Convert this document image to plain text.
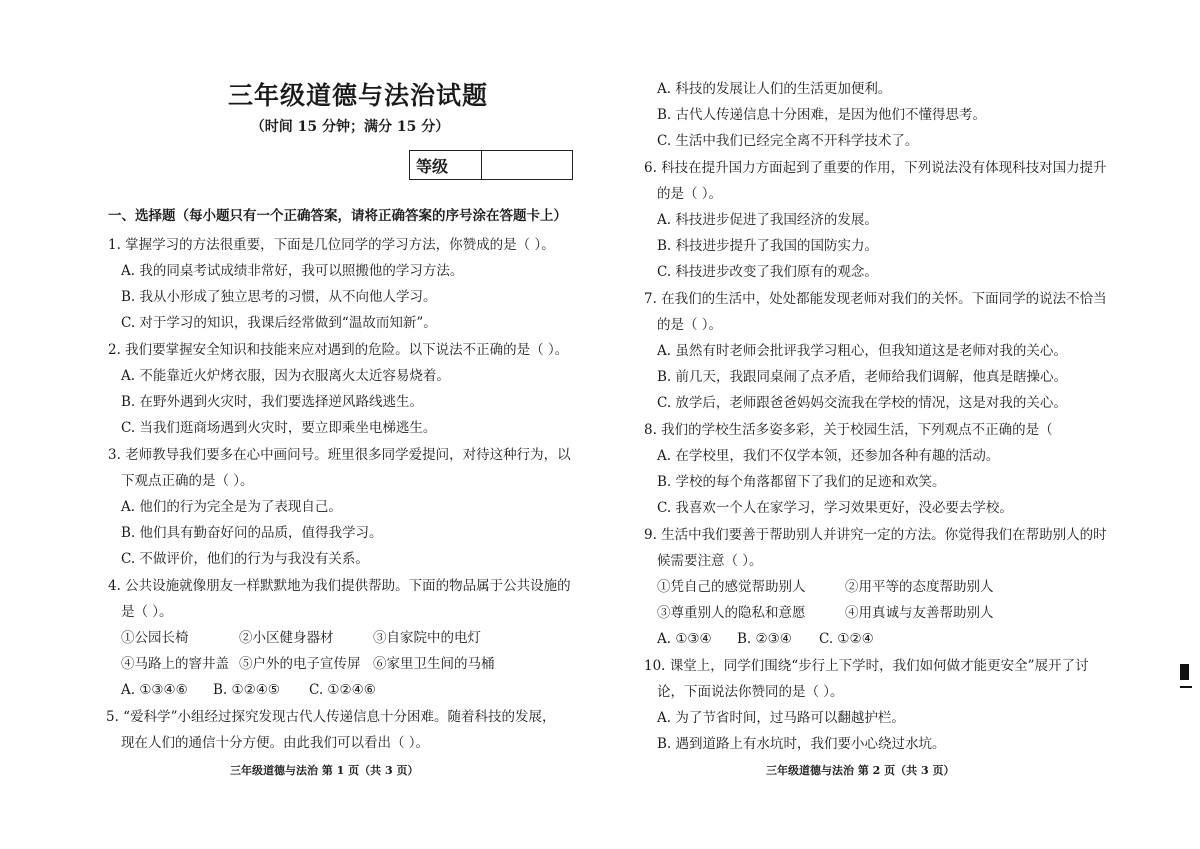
三年级道德与法治试题
（时间 15 分钟；满分 15 分）
等级
一、选择题（每小题只有一个正确答案，请将正确答案的序号涂在答题卡上）
1. 掌握学习的方法很重要，下面是几位同学的学习方法，你赞成的是（ ）。
A. 我的同桌考试成绩非常好，我可以照搬他的学习方法。
B. 我从小形成了独立思考的习惯，从不向他人学习。
C. 对于学习的知识，我课后经常做到“温故而知新”。
2. 我们要掌握安全知识和技能来应对遇到的危险。以下说法不正确的是（ ）。
A. 不能靠近火炉烤衣服，因为衣服离火太近容易烧着。
B. 在野外遇到火灾时，我们要选择逆风路线逃生。
C. 当我们逛商场遇到火灾时，要立即乘坐电梯逃生。
3. 老师教导我们要多在心中画问号。班里很多同学爱提问，对待这种行为，以
下观点正确的是（ ）。
A. 他们的行为完全是为了表现自己。
B. 他们具有勤奋好问的品质，值得我学习。
C. 不做评价，他们的行为与我没有关系。
4. 公共设施就像朋友一样默默地为我们提供帮助。下面的物品属于公共设施的
是（ ）。
①公园长椅	②小区健身器材	③自家院中的电灯
④马路上的窨井盖 ⑤户外的电子宣传屏 ⑥家里卫生间的马桶
A. ①③④⑥ B. ①②④⑤ C. ①②④⑥
5. “爱科学”小组经过探究发现古代人传递信息十分困难。随着科技的发展，
现在人们的通信十分方便。由此我们可以看出（ ）。
三年级道德与法治 第 1 页（共 3 页）
A. 科技的发展让人们的生活更加便利。
B. 古代人传递信息十分困难，是因为他们不懂得思考。
C. 生活中我们已经完全离不开科学技术了。
6. 科技在提升国力方面起到了重要的作用，下列说法没有体现科技对国力提升
的是（ ）。
A. 科技进步促进了我国经济的发展。
B. 科技进步提升了我国的国防实力。
C. 科技进步改变了我们原有的观念。
7. 在我们的生活中，处处都能发现老师对我们的关怀。下面同学的说法不恰当
的是（ ）。
A. 虽然有时老师会批评我学习粗心，但我知道这是老师对我的关心。
B. 前几天，我跟同桌闹了点矛盾，老师给我们调解，他真是瞎操心。
C. 放学后，老师跟爸爸妈妈交流我在学校的情况，这是对我的关心。
8. 我们的学校生活多姿多彩，关于校园生活，下列观点不正确的是（
A. 在学校里，我们不仅学本领，还参加各种有趣的活动。
B. 学校的每个角落都留下了我们的足迹和欢笑。
C. 我喜欢一个人在家学习，学习效果更好，没必要去学校。
9. 生活中我们要善于帮助别人并讲究一定的方法。你觉得我们在帮助别人的时
候需要注意（ ）。
①凭自己的感觉帮助别人	②用平等的态度帮助别人
③尊重别人的隐私和意愿	④用真诚与友善帮助别人
A. ①③④ B. ②③④ C. ①②④
10. 课堂上，同学们围绕“步行上下学时，我们如何做才能更安全”展开了讨
论，下面说法你赞同的是（ ）。
A. 为了节省时间，过马路可以翻越护栏。
B. 遇到道路上有水坑时，我们要小心绕过水坑。
三年级道德与法治 第 2 页（共 3 页）
